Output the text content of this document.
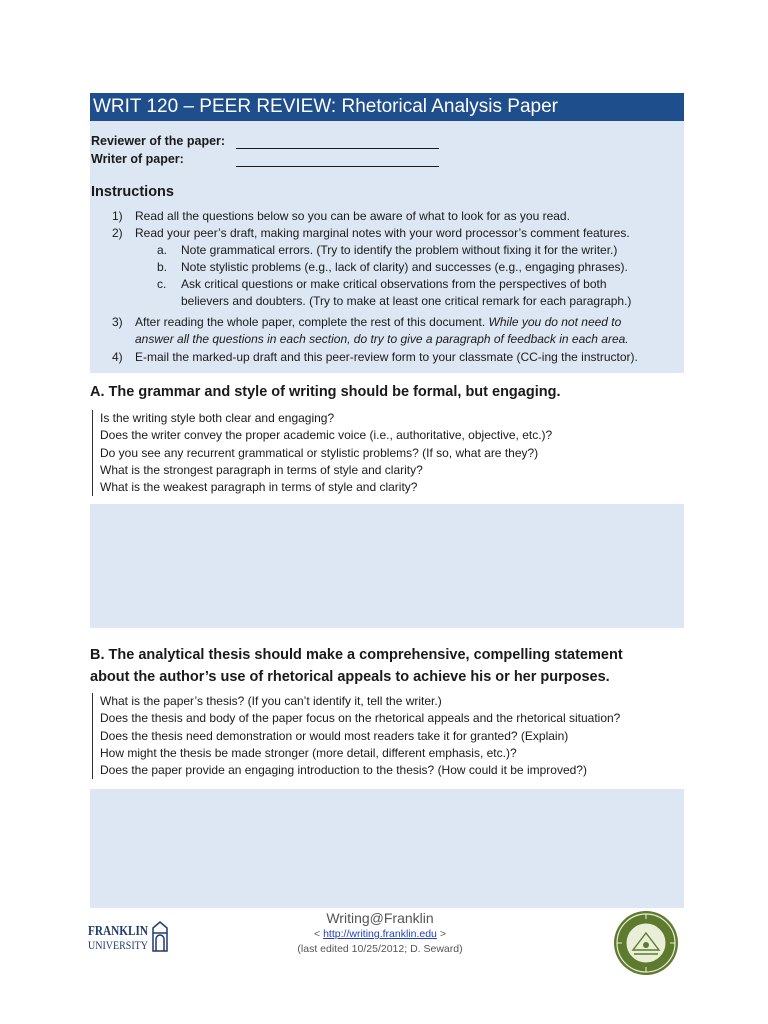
WRIT 120 – PEER REVIEW: Rhetorical Analysis Paper
Reviewer of the paper:
Writer of paper:
Instructions
1) Read all the questions below so you can be aware of what to look for as you read.
2) Read your peer’s draft, making marginal notes with your word processor’s comment features.
a. Note grammatical errors. (Try to identify the problem without fixing it for the writer.)
b. Note stylistic problems (e.g., lack of clarity) and successes (e.g., engaging phrases).
c. Ask critical questions or make critical observations from the perspectives of both
believers and doubters. (Try to make at least one critical remark for each paragraph.)
3) After reading the whole paper, complete the rest of this document. While you do not need to
answer all the questions in each section, do try to give a paragraph of feedback in each area.
4) E-mail the marked-up draft and this peer-review form to your classmate (CC-ing the instructor).
A. The grammar and style of writing should be formal, but engaging.
Is the writing style both clear and engaging?
Does the writer convey the proper academic voice (i.e., authoritative, objective, etc.)?
Do you see any recurrent grammatical or stylistic problems? (If so, what are they?)
What is the strongest paragraph in terms of style and clarity?
What is the weakest paragraph in terms of style and clarity?
B. The analytical thesis should make a comprehensive, compelling statement
about the author’s use of rhetorical appeals to achieve his or her purposes.
What is the paper’s thesis? (If you can’t identify it, tell the writer.)
Does the thesis and body of the paper focus on the rhetorical appeals and the rhetorical situation?
Does the thesis need demonstration or would most readers take it for granted? (Explain)
How might the thesis be made stronger (more detail, different emphasis, etc.)?
Does the paper provide an engaging introduction to the thesis? (How could it be improved?)
FRANKLIN
UNIVERSITY
Writing@Franklin
< http://writing.franklin.edu >
(last edited 10/25/2012; D. Seward)
